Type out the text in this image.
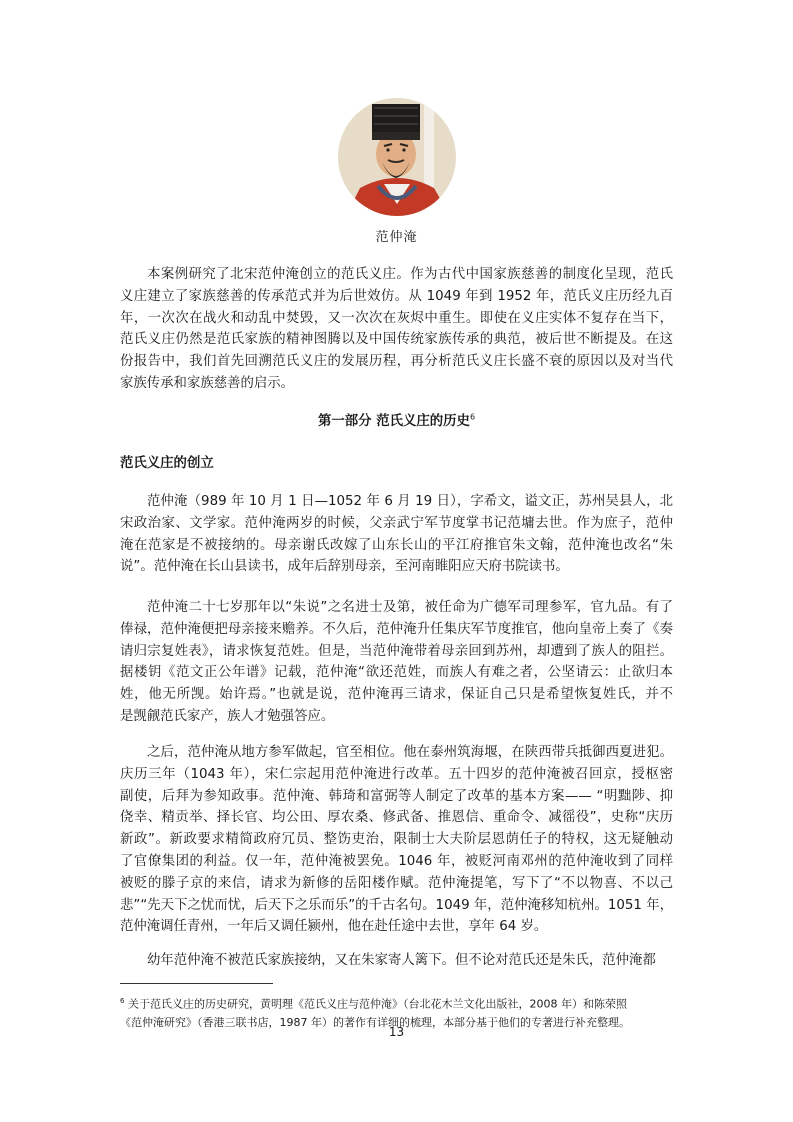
范仲淹
本案例研究了北宋范仲淹创立的范氏义庄。作为古代中国家族慈善的制度化呈现，范氏
义庄建立了家族慈善的传承范式并为后世效仿。从 1049 年到 1952 年，范氏义庄历经九百
年，一次次在战火和动乱中焚毁，又一次次在灰烬中重生。即使在义庄实体不复存在当下，
范氏义庄仍然是范氏家族的精神图腾以及中国传统家族传承的典范，被后世不断提及。在这
份报告中，我们首先回溯范氏义庄的发展历程，再分析范氏义庄长盛不衰的原因以及对当代
家族传承和家族慈善的启示。
第一部分 范氏义庄的历史$^6$
范氏义庄的创立
范仲淹（989 年 10 月 1 日—1052 年 6 月 19 日），字希文，谥文正，苏州吴县人，北
宋政治家、文学家。范仲淹两岁的时候，父亲武宁军节度掌书记范墉去世。作为庶子，范仲
淹在范家是不被接纳的。母亲谢氏改嫁了山东长山的平江府推官朱文翰，范仲淹也改名“朱
说”。范仲淹在长山县读书，成年后辞别母亲，至河南睢阳应天府书院读书。
范仲淹二十七岁那年以“朱说”之名进士及第，被任命为广德军司理参军，官九品。有了
俸禄，范仲淹便把母亲接来赡养。不久后，范仲淹升任集庆军节度推官，他向皇帝上奏了《奏
请归宗复姓表》，请求恢复范姓。但是，当范仲淹带着母亲回到苏州，却遭到了族人的阻拦。
据楼钥《范文正公年谱》记载，范仲淹“欲还范姓，而族人有难之者，公坚请云：止欲归本
姓，他无所觊。始许焉。”也就是说，范仲淹再三请求，保证自己只是希望恢复姓氏，并不
是觊觎范氏家产，族人才勉强答应。
之后，范仲淹从地方参军做起，官至相位。他在泰州筑海堰，在陕西带兵抵御西夏进犯。
庆历三年（1043 年），宋仁宗起用范仲淹进行改革。五十四岁的范仲淹被召回京，授枢密
副使，后拜为参知政事。范仲淹、韩琦和富弼等人制定了改革的基本方案—— “明黜陟、抑
侥幸、精贡举、择长官、均公田、厚农桑、修武备、推恩信、重命令、减徭役”，史称“庆历
新政”。新政要求精简政府冗员、整饬吏治，限制士大夫阶层恩荫任子的特权，这无疑触动
了官僚集团的利益。仅一年，范仲淹被罢免。1046 年，被贬河南邓州的范仲淹收到了同样
被贬的滕子京的来信，请求为新修的岳阳楼作赋。范仲淹提笔，写下了“不以物喜、不以己
悲”“先天下之忧而忧，后天下之乐而乐”的千古名句。1049 年，范仲淹移知杭州。1051 年，
范仲淹调任青州，一年后又调任颍州，他在赴任途中去世，享年 64 岁。
幼年范仲淹不被范氏家族接纳，又在朱家寄人篱下。但不论对范氏还是朱氏，范仲淹都
$^6$ 关于范氏义庄的历史研究，黄明理《范氏义庄与范仲淹》（台北花木兰文化出版社，2008 年）和陈荣照
《范仲淹研究》（香港三联书店，1987 年）的著作有详细的梳理，本部分基于他们的专著进行补充整理。
13
